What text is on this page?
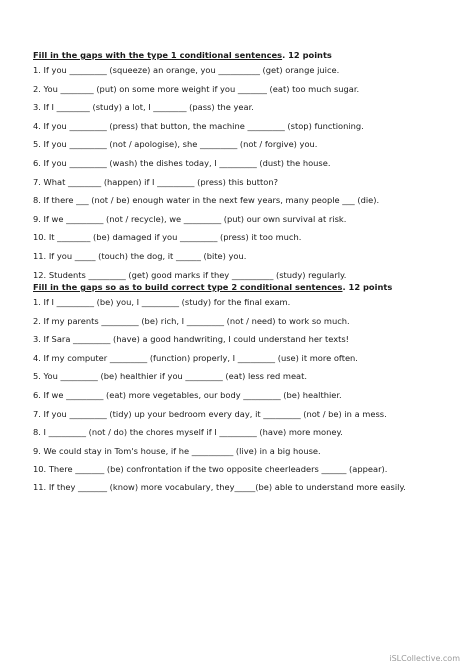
Fill in the gaps with the type 1 conditional sentences. 12 points
1. If you _________ (squeeze) an orange, you __________ (get) orange juice.
2. You ________ (put) on some more weight if you _______ (eat) too much sugar.
3. If I ________ (study) a lot, I ________ (pass) the year.
4. If you _________ (press) that button, the machine _________ (stop) functioning.
5. If you _________ (not / apologise), she _________ (not / forgive) you.
6. If you _________ (wash) the dishes today, I _________ (dust) the house.
7. What ________ (happen) if I _________ (press) this button?
8. If there ___ (not / be) enough water in the next few years, many people ___ (die).
9. If we _________ (not / recycle), we _________ (put) our own survival at risk.
10. It ________ (be) damaged if you _________ (press) it too much.
11. If you _____ (touch) the dog, it ______ (bite) you.
12. Students _________ (get) good marks if they __________ (study) regularly.
Fill in the gaps so as to build correct type 2 conditional sentences. 12 points
1. If I _________ (be) you, I _________ (study) for the final exam.
2. If my parents _________ (be) rich, I _________ (not / need) to work so much.
3. If Sara _________ (have) a good handwriting, I could understand her texts!
4. If my computer _________ (function) properly, I _________ (use) it more often.
5. You _________ (be) healthier if you _________ (eat) less red meat.
6. If we _________ (eat) more vegetables, our body _________ (be) healthier.
7. If you _________ (tidy) up your bedroom every day, it _________ (not / be) in a mess.
8. I _________ (not / do) the chores myself if I _________ (have) more money.
9. We could stay in Tom's house, if he __________ (live) in a big house.
10. There _______ (be) confrontation if the two opposite cheerleaders ______ (appear).
11. If they _______ (know) more vocabulary, they_____(be) able to understand more easily.
iSLCollective.com
